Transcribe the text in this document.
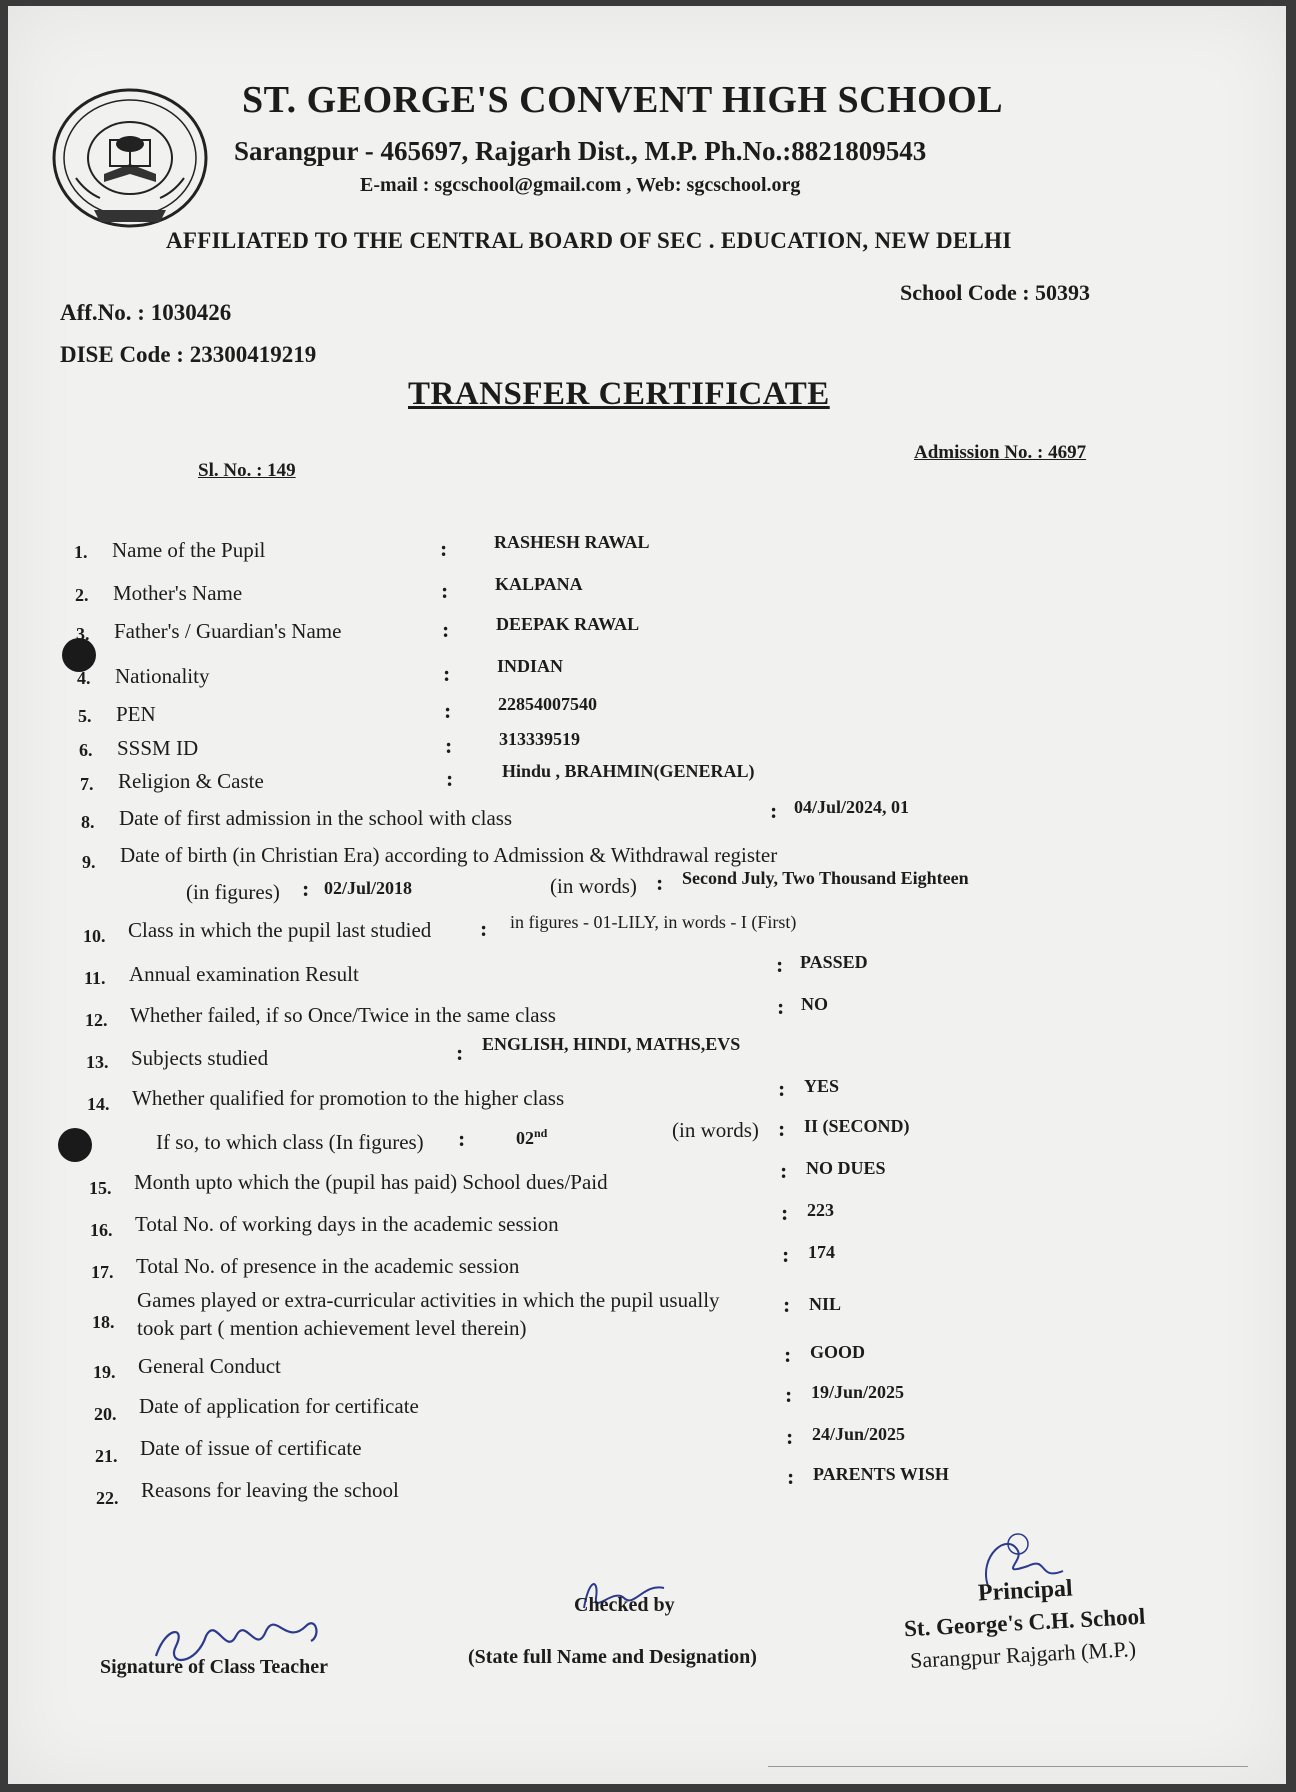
ST. GEORGE'S CONVENT HIGH SCHOOL
Sarangpur - 465697, Rajgarh Dist., M.P. Ph.No.:8821809543
E-mail : sgcschool@gmail.com , Web: sgcschool.org
AFFILIATED TO THE CENTRAL BOARD OF SEC . EDUCATION, NEW DELHI
School Code : 50393
Aff.No. : 1030426
DISE Code : 23300419219
TRANSFER CERTIFICATE
Admission No. : 4697
Sl. No. : 149
1. Name of the Pupil	:	RASHESH RAWAL
2. Mother's Name	:	KALPANA
3. Father's / Guardian's Name	:	DEEPAK RAWAL
4. Nationality	:	INDIAN
5. PEN	:	22854007540
6. SSSM ID	:	313339519
7. Religion & Caste	:	Hindu , BRAHMIN(GENERAL)
8. Date of first admission in the school with class	: 04/Jul/2024, 01
9. Date of birth (in Christian Era) according to Admission & Withdrawal register
(in figures) : 02/Jul/2018	(in words) : Second July, Two Thousand Eighteen
10. Class in which the pupil last studied : in figures - 01-LILY, in words - I (First)
11. Annual examination Result	: PASSED
12. Whether failed, if so Once/Twice in the same class	: NO
13. Subjects studied	: ENGLISH, HINDI, MATHS,EVS
14. Whether qualified for promotion to the higher class	: YES
If so, to which class (In figures) :	02nd	(in words) : II (SECOND)
15. Month upto which the (pupil has paid) School dues/Paid	: NO DUES
16. Total No. of working days in the academic session	: 223
17. Total No. of presence in the academic session	: 174
18.
Games played or extra-curricular activities in which the pupil usually
took part ( mention achievement level therein)
: NIL
19. General Conduct	: GOOD
20. Date of application for certificate	: 19/Jun/2025
21. Date of issue of certificate	: 24/Jun/2025
22. Reasons for leaving the school
: PARENTS WISH
Signature of Class Teacher
Checked by
(State full Name and Designation)
Principal
St. George's C.H. School
Sarangpur Rajgarh (M.P.)
